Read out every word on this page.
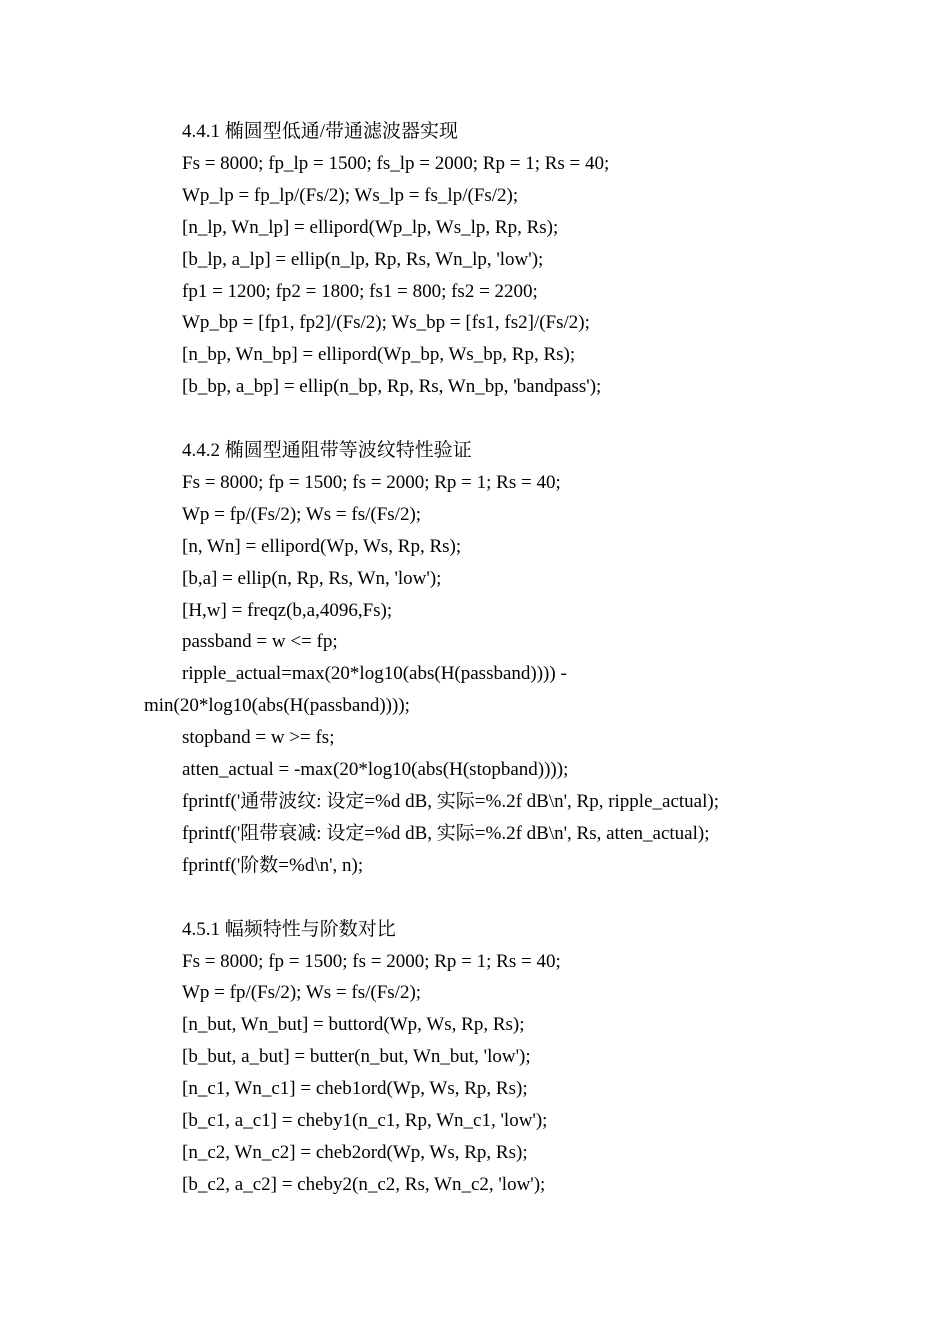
4.4.1 椭圆型低通/带通滤波器实现

Fs = 8000; fp_lp = 1500; fs_lp = 2000; Rp = 1; Rs = 40;

Wp_lp = fp_lp/(Fs/2); Ws_lp = fs_lp/(Fs/2);

[n_lp, Wn_lp] = ellipord(Wp_lp, Ws_lp, Rp, Rs);

[b_lp, a_lp] = ellip(n_lp, Rp, Rs, Wn_lp, 'low');

fp1 = 1200; fp2 = 1800; fs1 = 800; fs2 = 2200;

Wp_bp = [fp1, fp2]/(Fs/2); Ws_bp = [fs1, fs2]/(Fs/2);

[n_bp, Wn_bp] = ellipord(Wp_bp, Ws_bp, Rp, Rs);

[b_bp, a_bp] = ellip(n_bp, Rp, Rs, Wn_bp, 'bandpass');

4.4.2 椭圆型通阻带等波纹特性验证

Fs = 8000; fp = 1500; fs = 2000; Rp = 1; Rs = 40;

Wp = fp/(Fs/2); Ws = fs/(Fs/2);

[n, Wn] = ellipord(Wp, Ws, Rp, Rs);

[b,a] = ellip(n, Rp, Rs, Wn, 'low');

[H,w] = freqz(b,a,4096,Fs);

passband = w <= fp;

ripple_actual=max(20*log10(abs(H(passband)))) - min(20*log10(abs(H(passband))));

stopband = w >= fs;

atten_actual = -max(20*log10(abs(H(stopband))));

fprintf('通带波纹: 设定=%d dB, 实际=%.2f dB\n', Rp, ripple_actual);

fprintf('阻带衰减: 设定=%d dB, 实际=%.2f dB\n', Rs, atten_actual);

fprintf('阶数=%d\n', n);

4.5.1 幅频特性与阶数对比

Fs = 8000; fp = 1500; fs = 2000; Rp = 1; Rs = 40;

Wp = fp/(Fs/2); Ws = fs/(Fs/2);

[n_but, Wn_but] = buttord(Wp, Ws, Rp, Rs);

[b_but, a_but] = butter(n_but, Wn_but, 'low');

[n_c1, Wn_c1] = cheb1ord(Wp, Ws, Rp, Rs);

[b_c1, a_c1] = cheby1(n_c1, Rp, Wn_c1, 'low');

[n_c2, Wn_c2] = cheb2ord(Wp, Ws, Rp, Rs);

[b_c2, a_c2] = cheby2(n_c2, Rs, Wn_c2, 'low');
